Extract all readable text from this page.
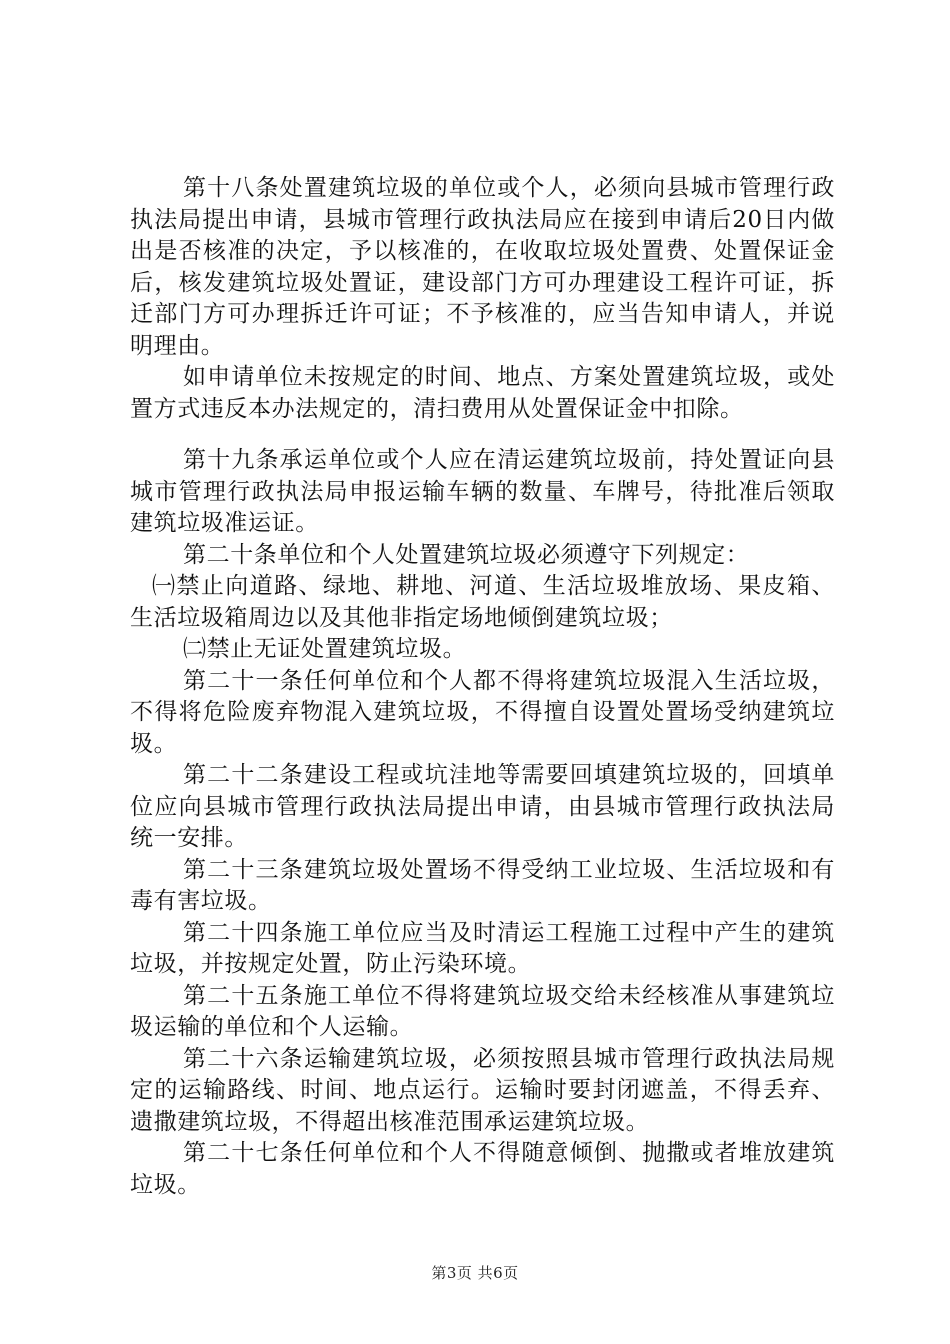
第十八条处置建筑垃圾的单位或个人，必须向县城市管理行政执法局提出申请，县城市管理行政执法局应在接到申请后20日内做出是否核准的决定，予以核准的，在收取垃圾处置费、处置保证金后，核发建筑垃圾处置证，建设部门方可办理建设工程许可证，拆迁部门方可办理拆迁许可证；不予核准的，应当告知申请人，并说明理由。

如申请单位未按规定的时间、地点、方案处置建筑垃圾，或处置方式违反本办法规定的，清扫费用从处置保证金中扣除。

第十九条承运单位或个人应在清运建筑垃圾前，持处置证向县城市管理行政执法局申报运输车辆的数量、车牌号，待批准后领取建筑垃圾准运证。

第二十条单位和个人处置建筑垃圾必须遵守下列规定：

㈠禁止向道路、绿地、耕地、河道、生活垃圾堆放场、果皮箱、生活垃圾箱周边以及其他非指定场地倾倒建筑垃圾；

㈡禁止无证处置建筑垃圾。

第二十一条任何单位和个人都不得将建筑垃圾混入生活垃圾，不得将危险废弃物混入建筑垃圾，不得擅自设置处置场受纳建筑垃圾。

第二十二条建设工程或坑洼地等需要回填建筑垃圾的，回填单位应向县城市管理行政执法局提出申请，由县城市管理行政执法局统一安排。

第二十三条建筑垃圾处置场不得受纳工业垃圾、生活垃圾和有毒有害垃圾。

第二十四条施工单位应当及时清运工程施工过程中产生的建筑垃圾，并按规定处置，防止污染环境。

第二十五条施工单位不得将建筑垃圾交给未经核准从事建筑垃圾运输的单位和个人运输。

第二十六条运输建筑垃圾，必须按照县城市管理行政执法局规定的运输路线、时间、地点运行。运输时要封闭遮盖，不得丢弃、遗撒建筑垃圾，不得超出核准范围承运建筑垃圾。

第二十七条任何单位和个人不得随意倾倒、抛撒或者堆放建筑垃圾。

第3页 共6页
